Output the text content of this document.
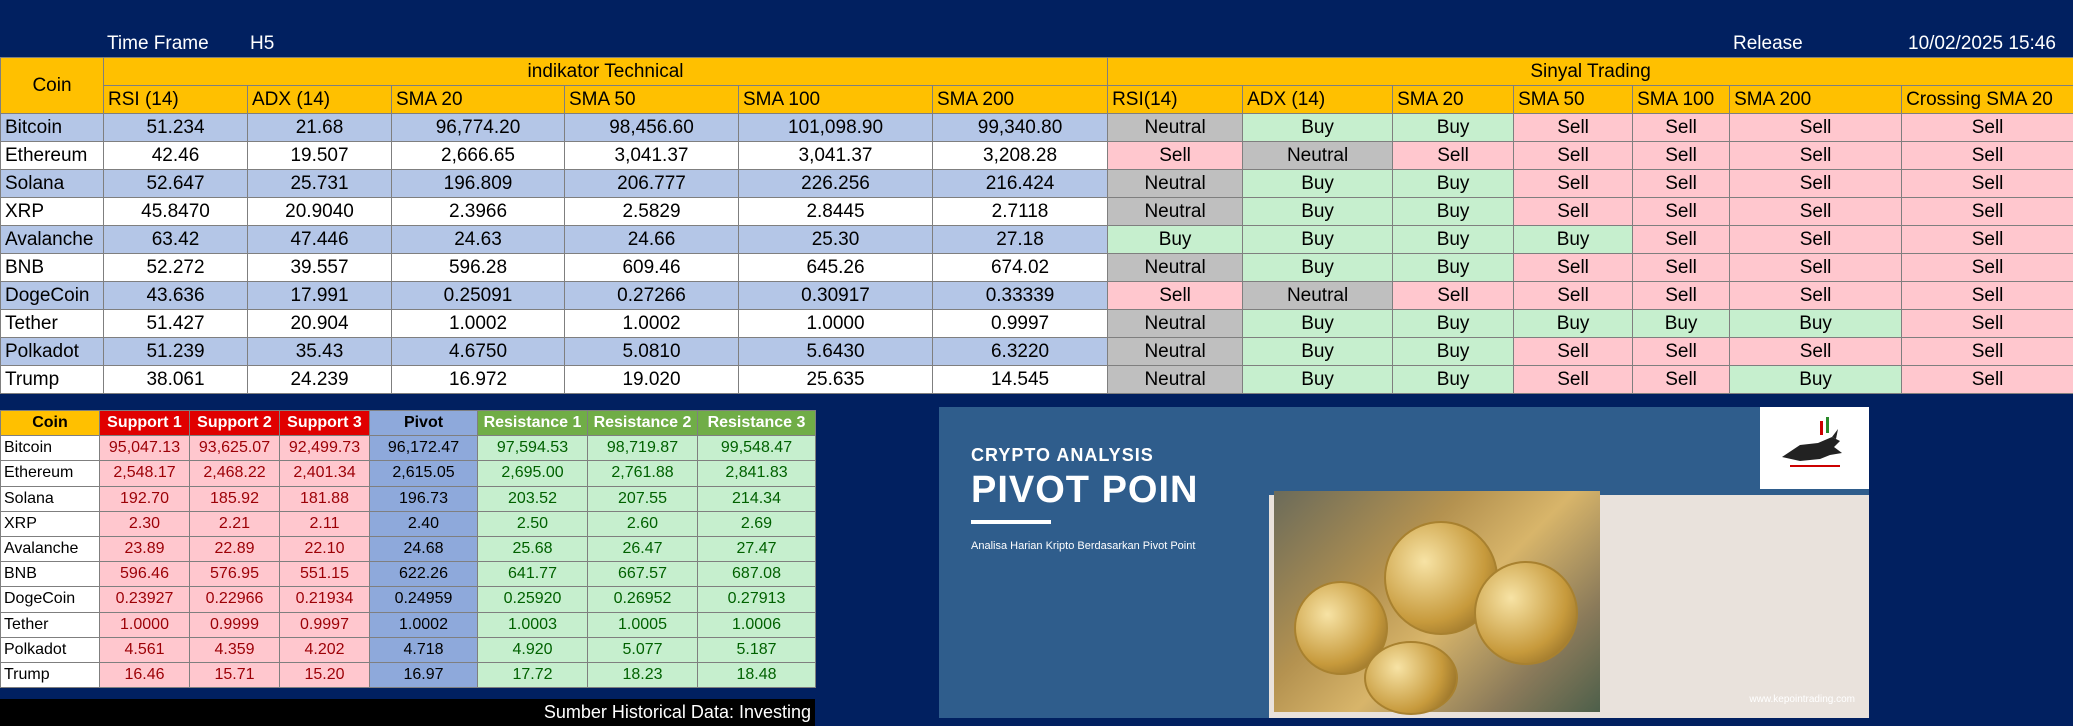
Time Frame H5	Release	10/02/2025 15:46
Coin	indikator Technical						Sinyal Trading						
	RSI (14)	ADX (14)	SMA 20	SMA 50	SMA 100	SMA 200	RSI(14)	ADX (14)	SMA 20	SMA 50	SMA 100	SMA 200	Crossing SMA 20
Bitcoin	51.234	21.68	96,774.20	98,456.60	101,098.90	99,340.80	Neutral	Buy	Buy	Sell	Sell	Sell	Sell
Ethereum	42.46	19.507	2,666.65	3,041.37	3,041.37	3,208.28	Sell	Neutral	Sell	Sell	Sell	Sell	Sell
Solana	52.647	25.731	196.809	206.777	226.256	216.424	Neutral	Buy	Buy	Sell	Sell	Sell	Sell
XRP	45.8470	20.9040	2.3966	2.5829	2.8445	2.7118	Neutral	Buy	Buy	Sell	Sell	Sell	Sell
Avalanche	63.42	47.446	24.63	24.66	25.30	27.18	Buy	Buy	Buy	Buy	Sell	Sell	Sell
BNB	52.272	39.557	596.28	609.46	645.26	674.02	Neutral	Buy	Buy	Sell	Sell	Sell	Sell
DogeCoin	43.636	17.991	0.25091	0.27266	0.30917	0.33339	Sell	Neutral	Sell	Sell	Sell	Sell	Sell
Tether	51.427	20.904	1.0002	1.0002	1.0000	0.9997	Neutral	Buy	Buy	Buy	Buy	Buy	Sell
Polkadot	51.239	35.43	4.6750	5.0810	5.6430	6.3220	Neutral	Buy	Buy	Sell	Sell	Sell	Sell
Trump	38.061	24.239	16.972	19.020	25.635	14.545	Neutral	Buy	Buy	Sell	Sell	Buy	Sell
Coin	Support 1	Support 2	Support 3	Pivot	Resistance 1	Resistance 2	Resistance 3
Bitcoin	95,047.13	93,625.07	92,499.73	96,172.47	97,594.53	98,719.87	99,548.47
Ethereum	2,548.17	2,468.22	2,401.34	2,615.05	2,695.00	2,761.88	2,841.83
Solana	192.70	185.92	181.88	196.73	203.52	207.55	214.34
XRP	2.30	2.21	2.11	2.40	2.50	2.60	2.69
Avalanche	23.89	22.89	22.10	24.68	25.68	26.47	27.47
BNB	596.46	576.95	551.15	622.26	641.77	667.57	687.08
DogeCoin	0.23927	0.22966	0.21934	0.24959	0.25920	0.26952	0.27913
Tether	1.0000	0.9999	0.9997	1.0002	1.0003	1.0005	1.0006
Polkadot	4.561	4.359	4.202	4.718	4.920	5.077	5.187
Trump	16.46	15.71	15.20	16.97	17.72	18.23	18.48
Sumber Historical Data: Investing
CRYPTO ANALYSIS
PIVOT POIN
Analisa Harian Kripto Berdasarkan Pivot Point
www.kepointrading.com
